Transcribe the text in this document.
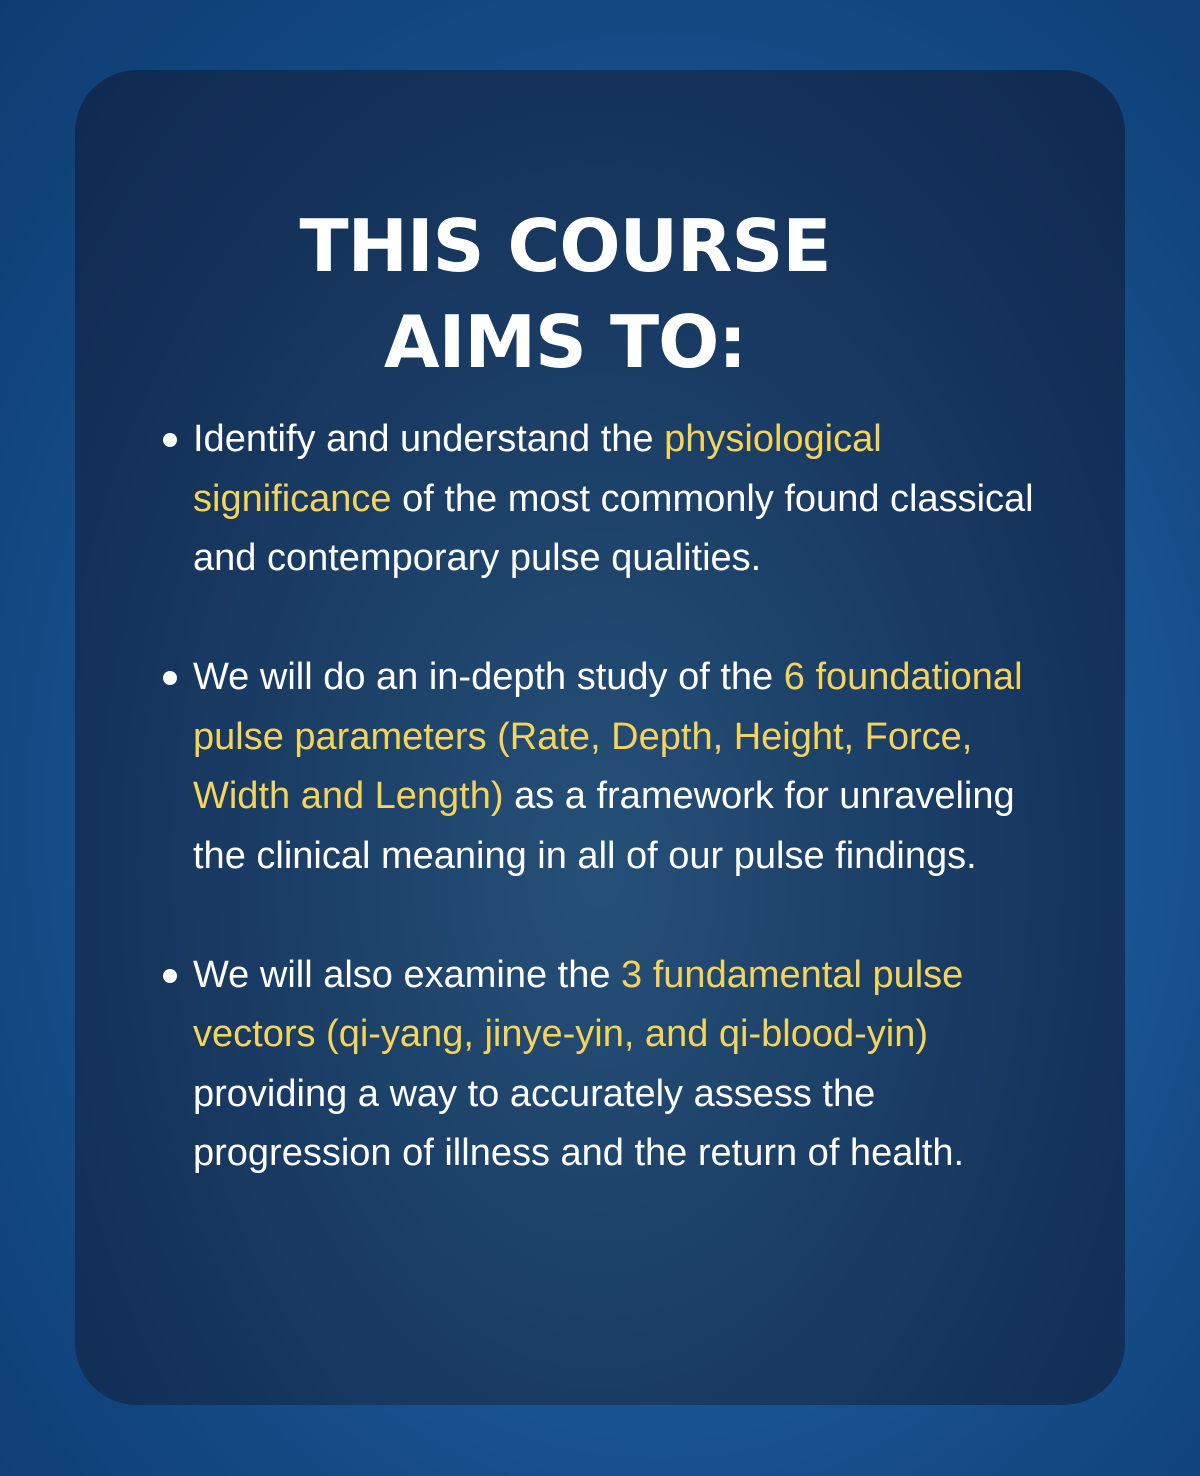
THIS COURSE
AIMS TO:
Identify and understand the physiological significance of the most commonly found classical and contemporary pulse qualities.
We will do an in-depth study of the 6 foundational pulse parameters (Rate, Depth, Height, Force, Width and Length) as a framework for unraveling the clinical meaning in all of our pulse findings.
We will also examine the 3 fundamental pulse vectors (qi-yang, jinye-yin, and qi-blood-yin) providing a way to accurately assess the progression of illness and the return of health.
